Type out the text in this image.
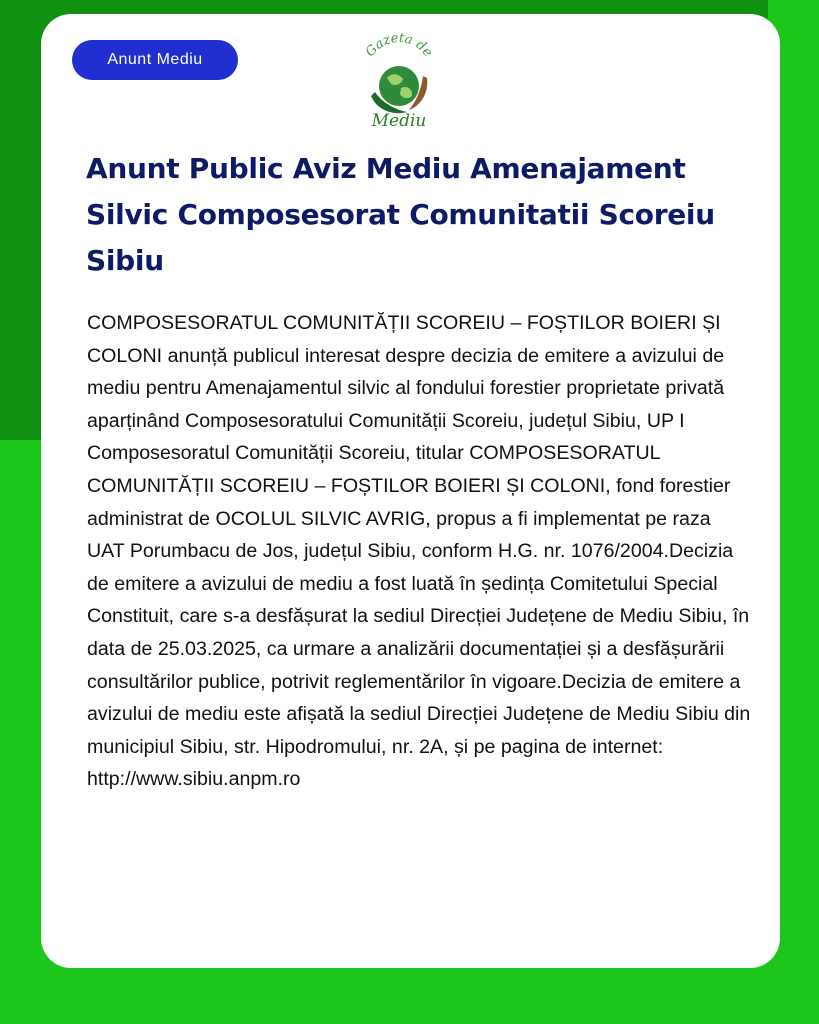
Anunt Mediu	Gazeta de
Mediu
Anunt Public Aviz Mediu Amenajament Silvic Composesorat Comunitatii Scoreiu Sibiu

COMPOSESORATUL COMUNITĂȚII SCOREIU – FOȘTILOR BOIERI ȘI COLONI anunță publicul interesat despre decizia de emitere a avizului de mediu pentru Amenajamentul silvic al fondului forestier proprietate privată aparținând Composesoratului Comunității Scoreiu, județul Sibiu, UP I Composesoratul Comunității Scoreiu, titular COMPOSESORATUL COMUNITĂȚII SCOREIU – FOȘTILOR BOIERI ȘI COLONI, fond forestier administrat de OCOLUL SILVIC AVRIG, propus a fi implementat pe raza UAT Porumbacu de Jos, județul Sibiu, conform H.G. nr. 1076/2004.Decizia de emitere a avizului de mediu a fost luată în ședința Comitetului Special Constituit, care s-a desfășurat la sediul Direcției Județene de Mediu Sibiu, în data de 25.03.2025, ca urmare a analizării documentației și a desfășurării consultărilor publice, potrivit reglementărilor în vigoare.Decizia de emitere a avizului de mediu este afișată la sediul Direcției Județene de Mediu Sibiu din municipiul Sibiu, str. Hipodromului, nr. 2A, și pe pagina de internet: http://www.sibiu.anpm.ro
